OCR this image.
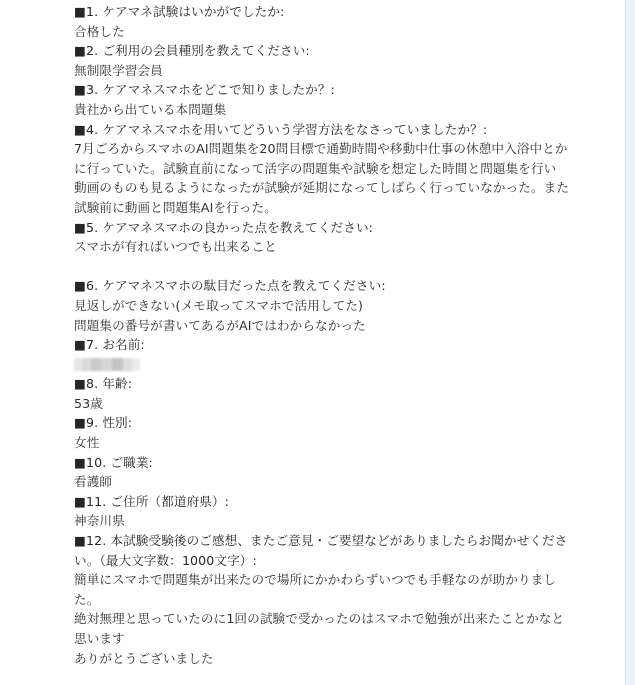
■1. ケアマネ試験はいかがでしたか:
合格した
■2. ご利用の会員種別を教えてください:
無制限学習会員
■3. ケアマネスマホをどこで知りましたか？:
貴社から出ている本問題集
■4. ケアマネスマホを用いてどういう学習方法をなさっていましたか？:
7月ごろからスマホのAI問題集を20問目標で通勤時間や移動中仕事の休憩中入浴中とかに行っていた。試験直前になって活字の問題集や試験を想定した時間と問題集を行い
動画のものも見るようになったが試験が延期になってしばらく行っていなかった。また試験前に動画と問題集AIを行った。
■5. ケアマネスマホの良かった点を教えてください:
スマホが有ればいつでも出来ること
■6. ケアマネスマホの駄目だった点を教えてください:
見返しができない(メモ取ってスマホで活用してた)
問題集の番号が書いてあるがAIではわからなかった
■7. お名前:
■8. 年齢:
53歳
■9. 性別:
女性
■10. ご職業:
看護師
■11. ご住所（都道府県）:
神奈川県
■12. 本試験受験後のご感想、またご意見・ご要望などがありましたらお聞かせください。（最大文字数：1000文字）:
簡単にスマホで問題集が出来たので場所にかかわらずいつでも手軽なのが助かりました。
絶対無理と思っていたのに1回の試験で受かったのはスマホで勉強が出来たことかなと思います
ありがとうございました
